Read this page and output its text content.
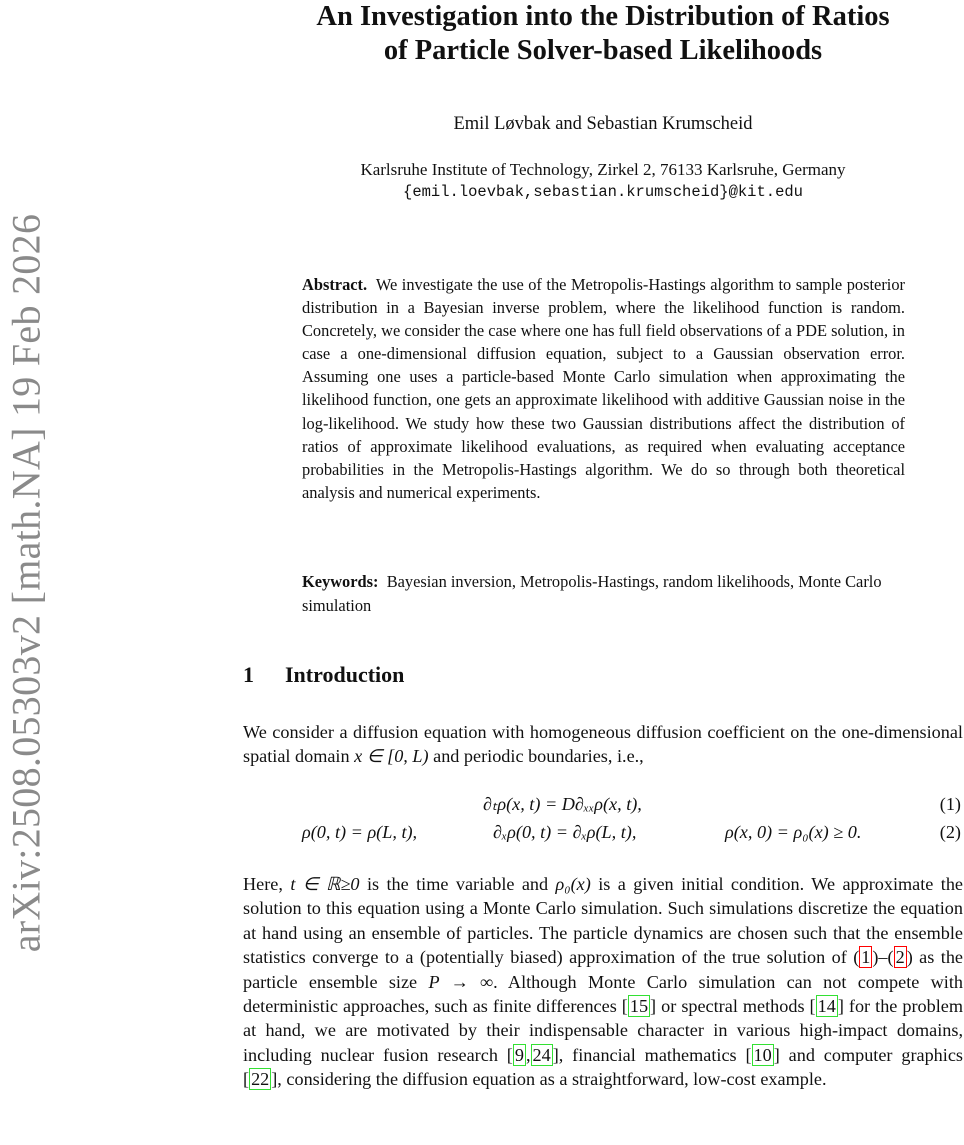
arXiv:2508.05303v2 [math.NA] 19 Feb 2026
An Investigation into the Distribution of Ratios
of Particle Solver-based Likelihoods
Emil Løvbak and Sebastian Krumscheid
Karlsruhe Institute of Technology, Zirkel 2, 76133 Karlsruhe, Germany
{emil.loevbak,sebastian.krumscheid}@kit.edu
Abstract. We investigate the use of the Metropolis-Hastings algorithm to sample posterior distribution in a Bayesian inverse problem, where the likelihood function is random. Concretely, we consider the case where one has full field observations of a PDE solution, in case a one-dimensional diffusion equation, subject to a Gaussian observation error. Assuming one uses a particle-based Monte Carlo simulation when approximating the likelihood function, one gets an approximate likelihood with additive Gaussian noise in the log-likelihood. We study how these two Gaussian distributions affect the distribution of ratios of approximate likelihood evaluations, as required when evaluating acceptance probabilities in the Metropolis-Hastings algorithm. We do so through both theoretical analysis and numerical experiments.
Keywords: Bayesian inversion, Metropolis-Hastings, random likelihoods, Monte Carlo simulation
1 Introduction
We consider a diffusion equation with homogeneous diffusion coefficient on the one-dimensional spatial domain x ∈ [0, L) and periodic boundaries, i.e.,
∂ₜρ(x, t) = D∂ₓₓρ(x, t),	(1)
ρ(0, t) = ρ(L, t),	∂ₓρ(0, t) = ∂ₓρ(L, t),	ρ(x, 0) = ρ₀(x) ≥ 0.	(2)
Here, t ∈ ℝ≥0 is the time variable and ρ₀(x) is a given initial condition. We approximate the solution to this equation using a Monte Carlo simulation. Such simulations discretize the equation at hand using an ensemble of particles. The particle dynamics are chosen such that the ensemble statistics converge to a (potentially biased) approximation of the true solution of ( 1 )–( 2 ) as the particle ensemble size P → ∞. Although Monte Carlo simulation can not compete with deterministic approaches, such as finite differences [ 15 ] or spectral methods [ 14 ] for the problem at hand, we are motivated by their indispensable character in various high-impact domains, including nuclear fusion research [ 9 , 24 ], financial mathematics [ 10 ] and computer graphics [ 22 ], considering the diffusion equation as a straightforward, low-cost example.
